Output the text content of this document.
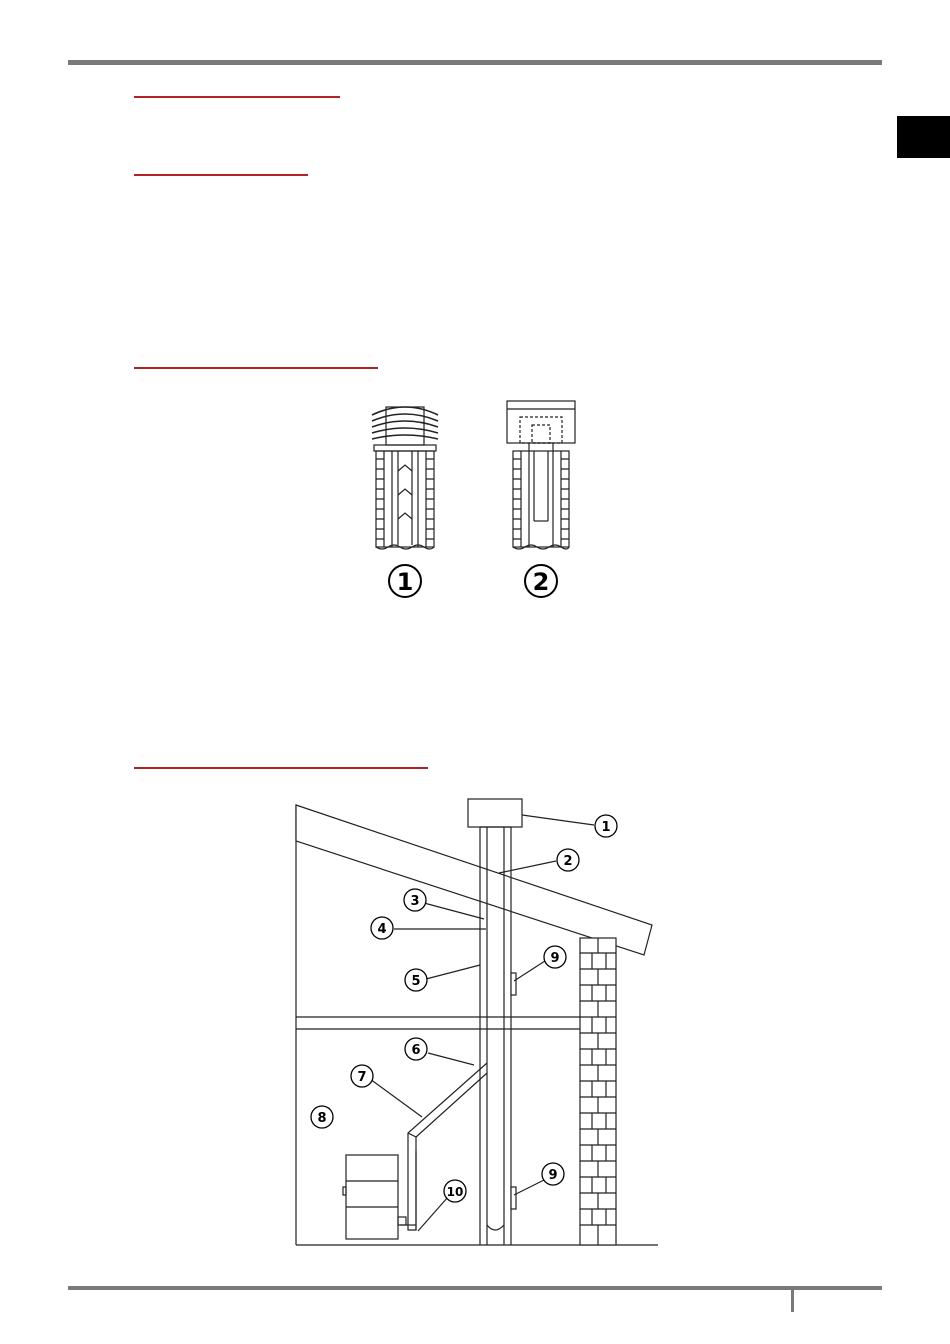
1	2
1
2
3
4
5
6
7
8
9
9
10
